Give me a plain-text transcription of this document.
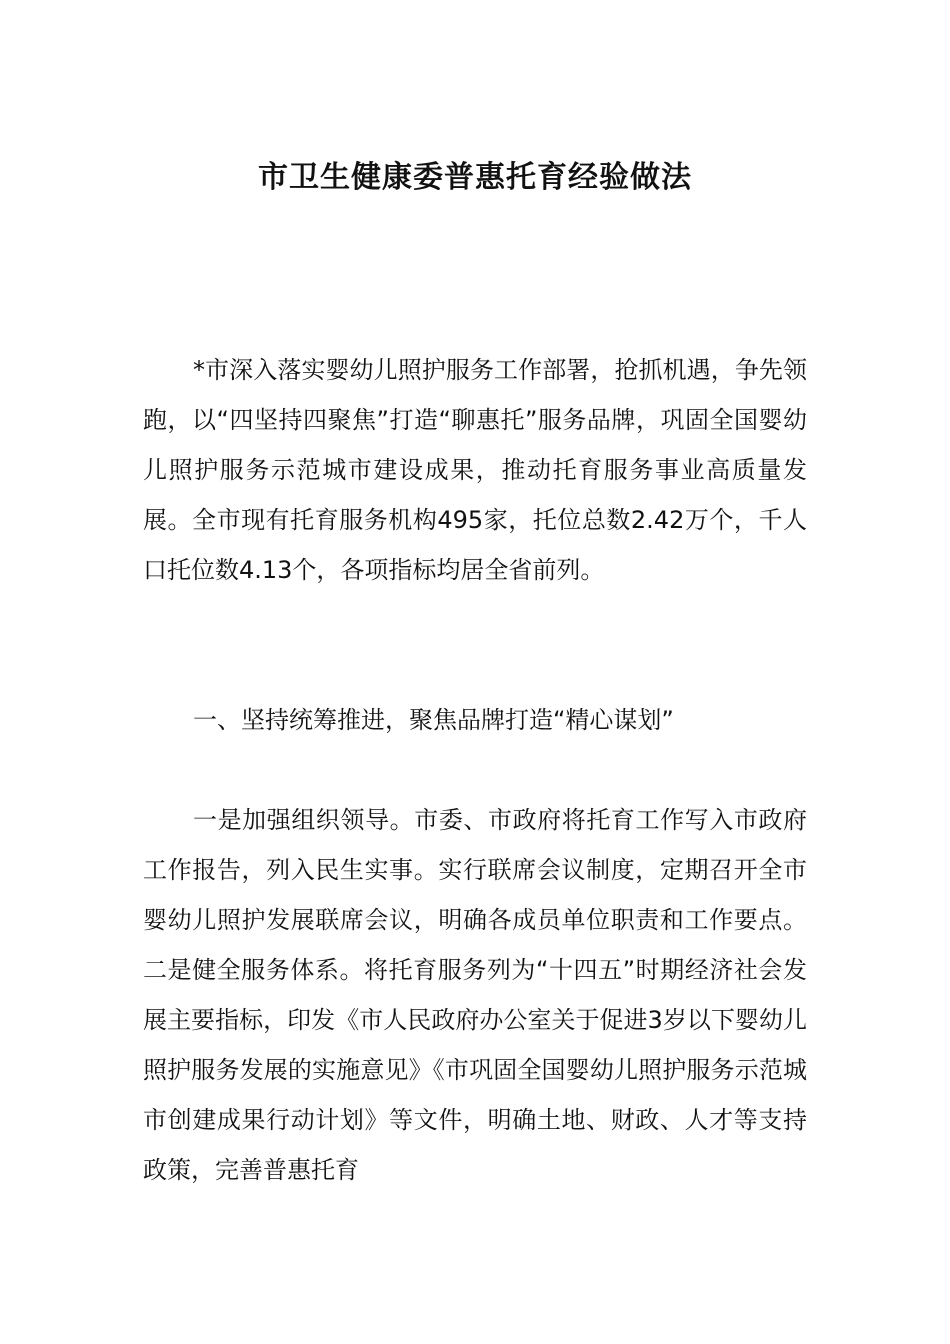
市卫生健康委普惠托育经验做法

*市深入落实婴幼儿照护服务工作部署，抢抓机遇，争先领跑，以“四坚持四聚焦”打造“聊惠托”服务品牌，巩固全国婴幼儿照护服务示范城市建设成果，推动托育服务事业高质量发展。全市现有托育服务机构495家，托位总数2.42万个，千人口托位数4.13个，各项指标均居全省前列。

一、坚持统筹推进，聚焦品牌打造“精心谋划”

一是加强组织领导。市委、市政府将托育工作写入市政府工作报告，列入民生实事。实行联席会议制度，定期召开全市婴幼儿照护发展联席会议，明确各成员单位职责和工作要点。二是健全服务体系。将托育服务列为“十四五”时期经济社会发展主要指标，印发《市人民政府办公室关于促进3岁以下婴幼儿照护服务发展的实施意见》《市巩固全国婴幼儿照护服务示范城市创建成果行动计划》等文件，明确土地、财政、人才等支持政策，完善普惠托育
